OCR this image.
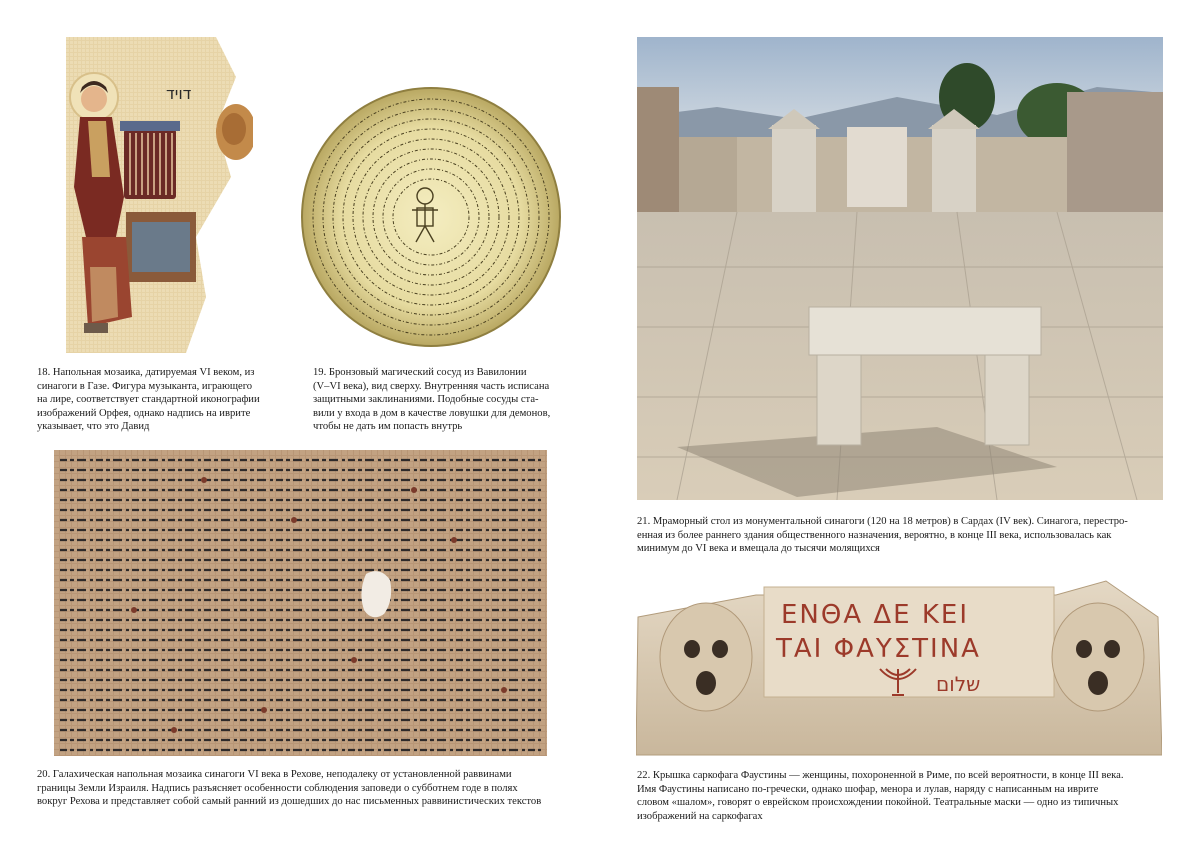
דויד
18. Напольная мозаика, датируемая VI веком, из
синагоги в Газе. Фигура музыканта, играющего
на лире, соответствует стандартной иконографии
изображений Орфея, однако надпись на иврите
указывает, что это Давид
19. Бронзовый магический сосуд из Вавилонии
(V–VI века), вид сверху. Внутренняя часть исписана
защитными заклинаниями. Подобные сосуды ста-
вили у входа в дом в качестве ловушки для демонов,
чтобы не дать им попасть внутрь
20. Галахическая напольная мозаика синагоги VI века в Рехове, неподалеку от установленной раввинами
границы Земли Израиля. Надпись разъясняет особенности соблюдения заповеди о субботнем годе в полях
вокруг Рехова и представляет собой самый ранний из дошедших до нас письменных раввинистических текстов
21. Мраморный стол из монументальной синагоги (120 на 18 метров) в Сардах (IV век). Синагога, перестро-
енная из более раннего здания общественного назначения, вероятно, в конце III века, использовалась как
минимум до VI века и вмещала до тысячи молящихся
ΕΝΘΑ ΔΕ ΚΕΙ
ΤΑΙ ΦΑΥΣΤΙΝΑ
שלום
22. Крышка саркофага Фаустины — женщины, похороненной в Риме, по всей вероятности, в конце III века.
Имя Фаустины написано по-гречески, однако шофар, менора и лулав, наряду с написанным на иврите
словом «шалом», говорят о еврейском происхождении покойной. Театральные маски — одно из типичных
изображений на саркофагах
